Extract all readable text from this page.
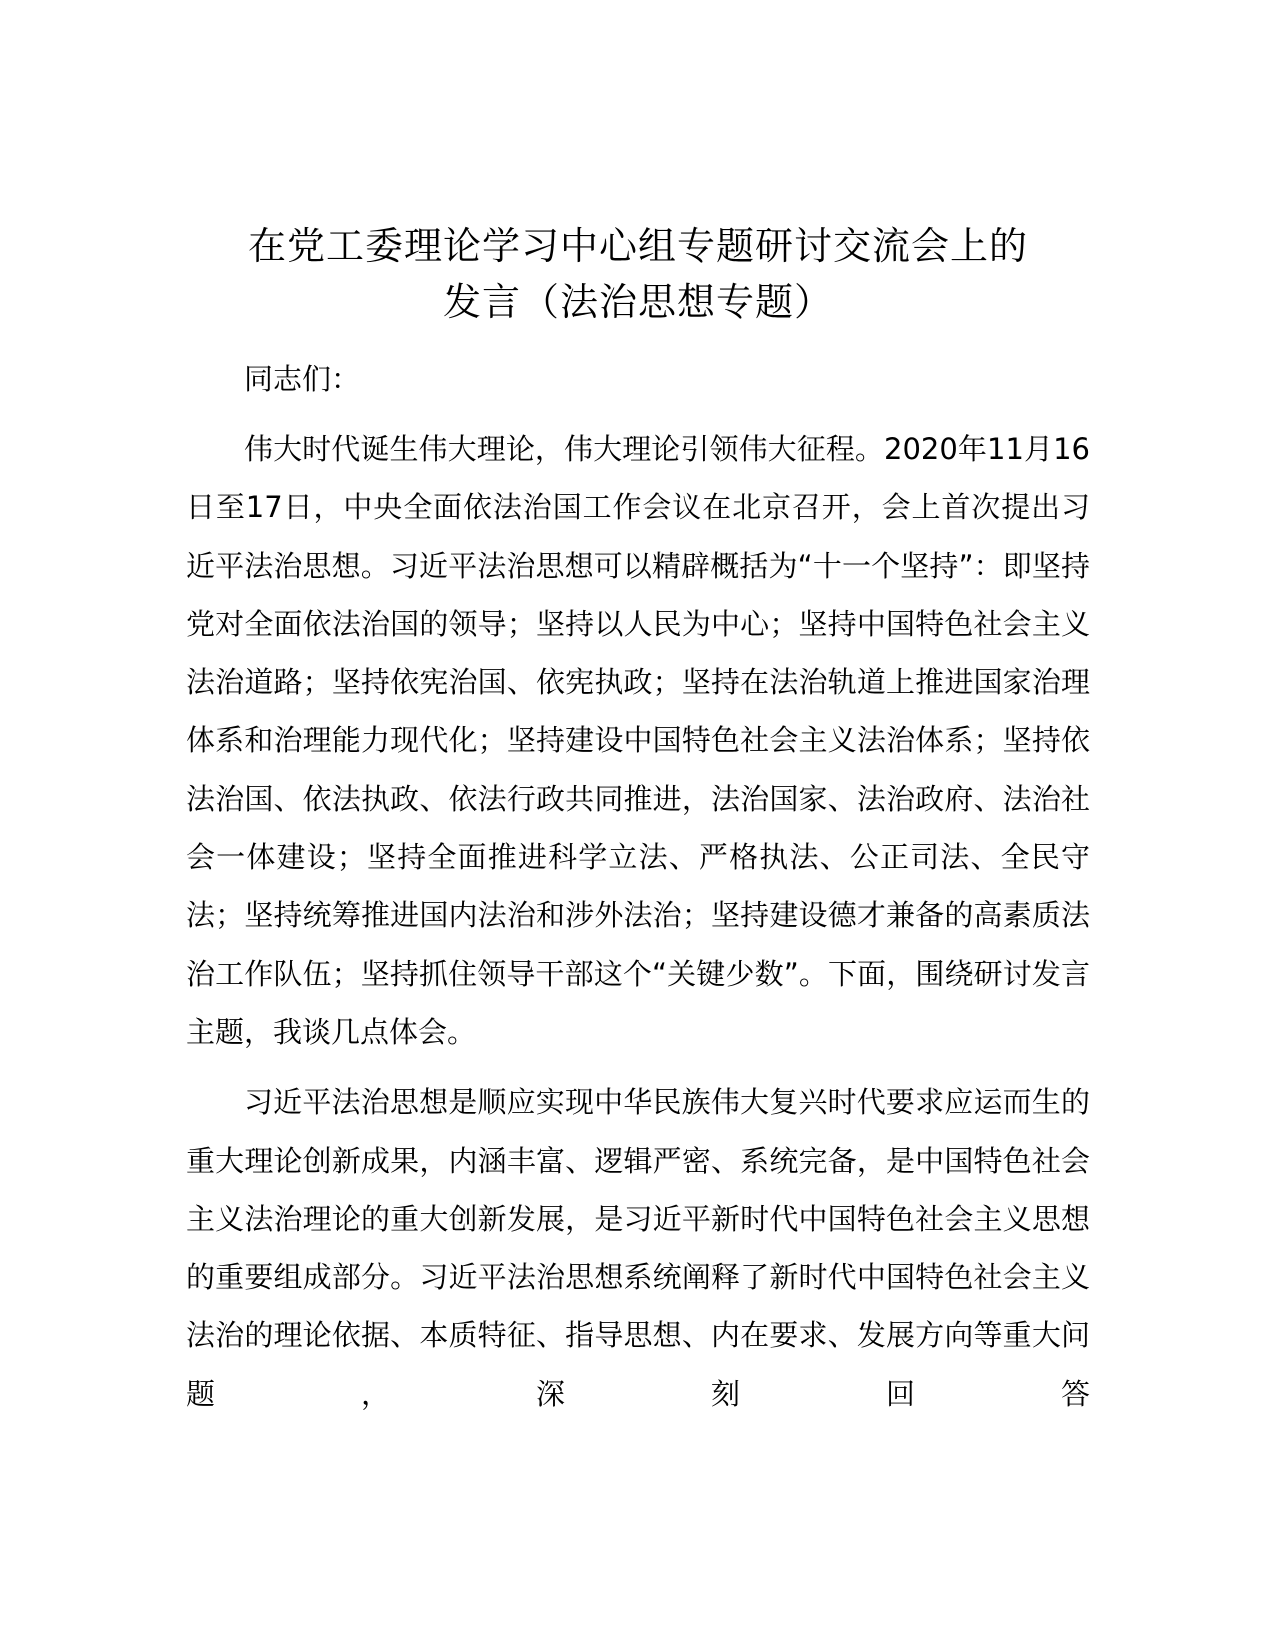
在党工委理论学习中心组专题研讨交流会上的
发言（法治思想专题）

同志们：

伟大时代诞生伟大理论，伟大理论引领伟大征程。2020年11月16日至17日，中央全面依法治国工作会议在北京召开，会上首次提出习近平法治思想。习近平法治思想可以精辟概括为“十一个坚持”：即坚持党对全面依法治国的领导；坚持以人民为中心；坚持中国特色社会主义法治道路；坚持依宪治国、依宪执政；坚持在法治轨道上推进国家治理体系和治理能力现代化；坚持建设中国特色社会主义法治体系；坚持依法治国、依法执政、依法行政共同推进，法治国家、法治政府、法治社会一体建设；坚持全面推进科学立法、严格执法、公正司法、全民守法；坚持统筹推进国内法治和涉外法治；坚持建设德才兼备的高素质法治工作队伍；坚持抓住领导干部这个“关键少数”。下面，围绕研讨发言主题，我谈几点体会。

习近平法治思想是顺应实现中华民族伟大复兴时代要求应运而生的重大理论创新成果，内涵丰富、逻辑严密、系统完备，是中国特色社会主义法治理论的重大创新发展，是习近平新时代中国特色社会主义思想的重要组成部分。习近平法治思想系统阐释了新时代中国特色社会主义法治的理论依据、本质特征、指导思想、内在要求、发展方向等重大问题，深刻回答
